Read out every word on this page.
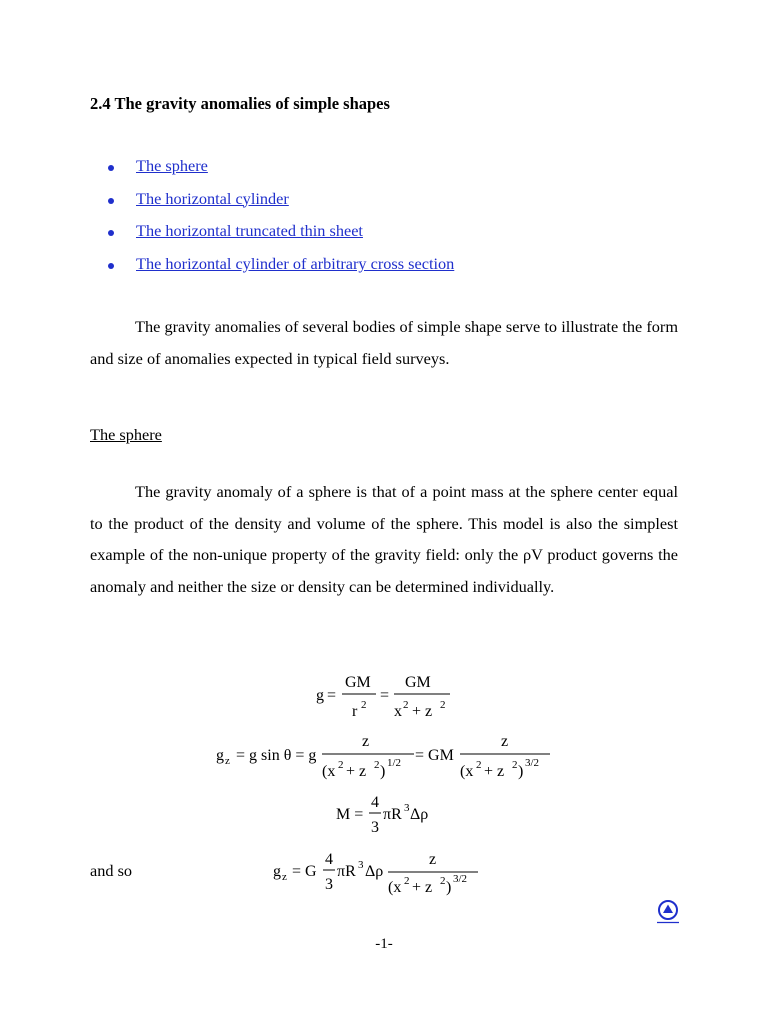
2.4 The gravity anomalies of simple shapes
The sphere
The horizontal cylinder
The horizontal truncated thin sheet
The horizontal cylinder of arbitrary cross section

The gravity anomalies of several bodies of simple shape serve to illustrate the form and size of anomalies expected in typical field surveys.

The sphere

The gravity anomaly of a sphere is that of a point mass at the sphere center equal to the product of the density and volume of the sphere. This model is also the simplest example of the non-unique property of the gravity field: only the ρV product governs the anomaly and neither the size or density can be determined individually.

g =
GM
r 2
=
GM
x 2 + z 2
g z = g sin θ = g
z
(x 2 + z 2 ) 1/2 = GM
z
(x 2 + z 2 ) 3/2
M =
4
3
πR 3 Δρ
and so	g z = G
4
3
πR 3 Δρ
z
(x 2 + z 2 ) 3/2
-1-
